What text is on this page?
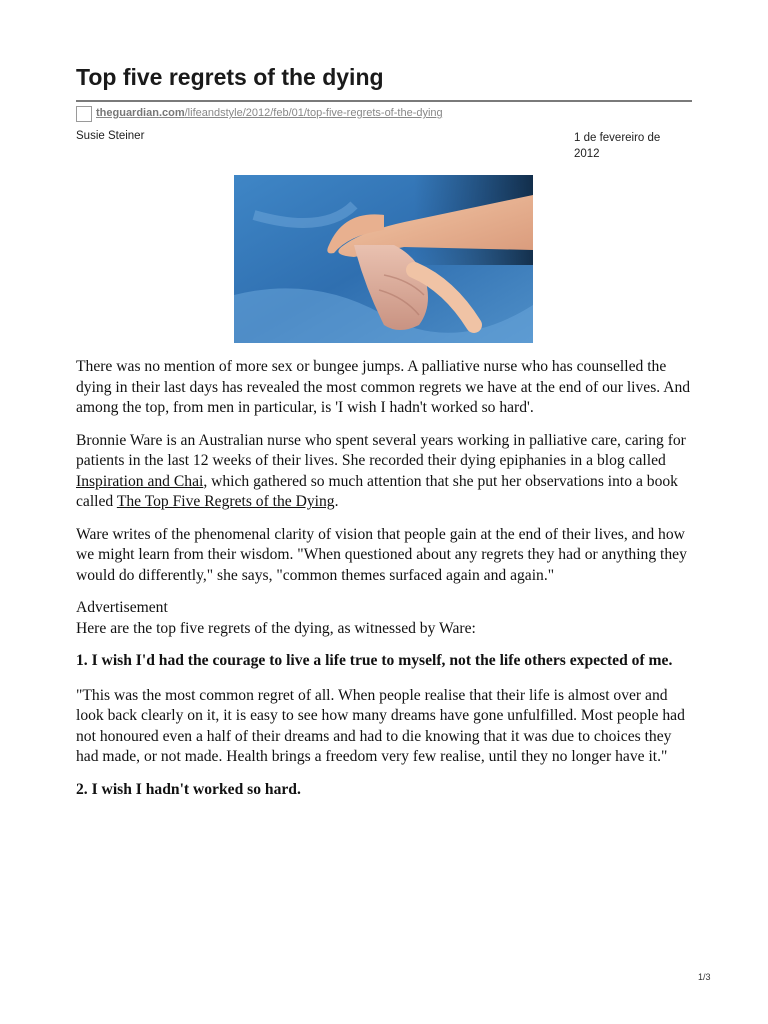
Top five regrets of the dying
theguardian.com/lifeandstyle/2012/feb/01/top-five-regrets-of-the-dying
Susie Steiner	1 de fevereiro de 2012

There was no mention of more sex or bungee jumps. A palliative nurse who has counselled the dying in their last days has revealed the most common regrets we have at the end of our lives. And among the top, from men in particular, is 'I wish I hadn't worked so hard'.

Bronnie Ware is an Australian nurse who spent several years working in palliative care, caring for patients in the last 12 weeks of their lives. She recorded their dying epiphanies in a blog called Inspiration and Chai, which gathered so much attention that she put her observations into a book called The Top Five Regrets of the Dying.

Ware writes of the phenomenal clarity of vision that people gain at the end of their lives, and how we might learn from their wisdom. "When questioned about any regrets they had or anything they would do differently," she says, "common themes surfaced again and again."

Advertisement

Here are the top five regrets of the dying, as witnessed by Ware:

1. I wish I'd had the courage to live a life true to myself, not the life others expected of me.

"This was the most common regret of all. When people realise that their life is almost over and look back clearly on it, it is easy to see how many dreams have gone unfulfilled. Most people had not honoured even a half of their dreams and had to die knowing that it was due to choices they had made, or not made. Health brings a freedom very few realise, until they no longer have it."

2. I wish I hadn't worked so hard.
1/3
